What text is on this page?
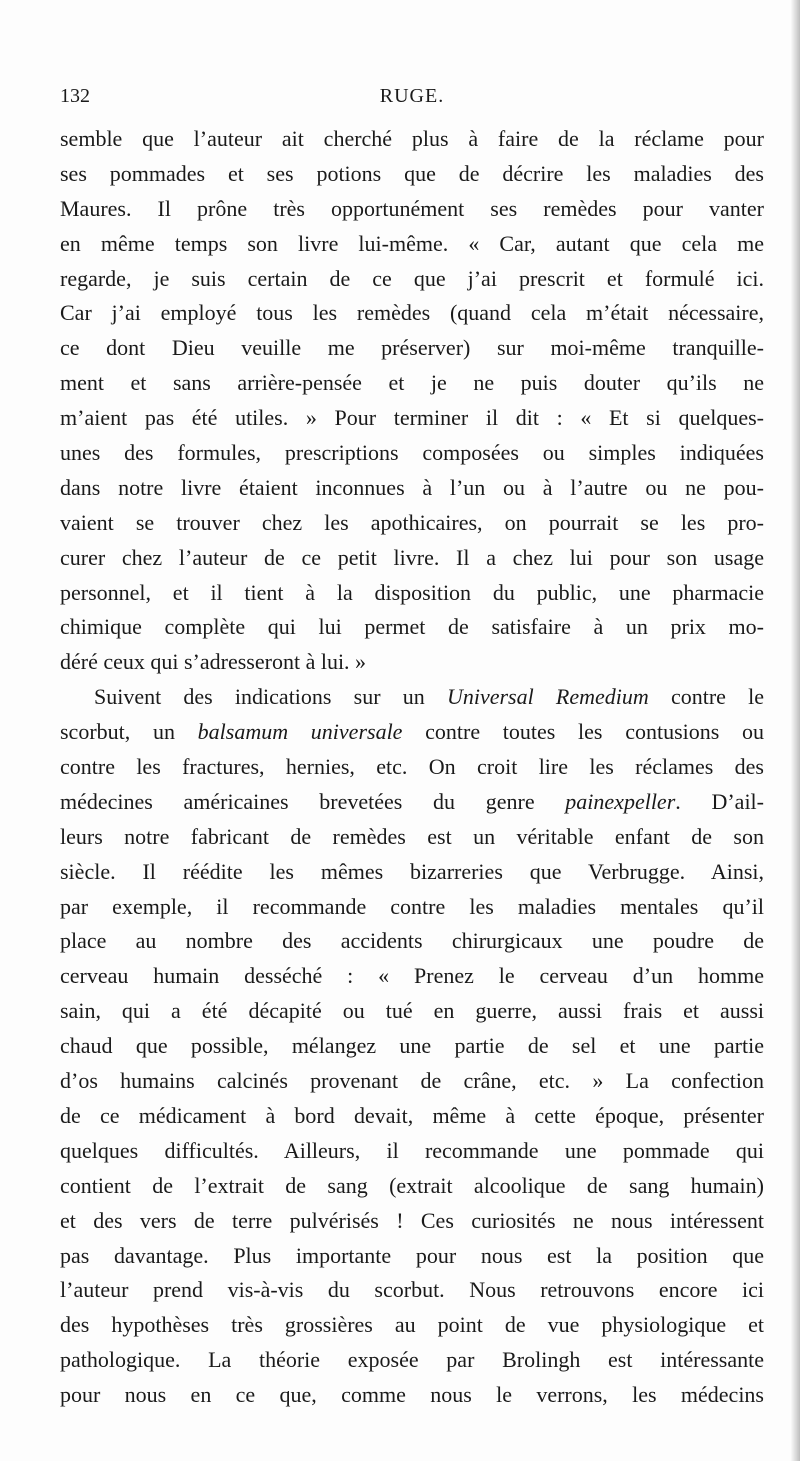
132	RUGE.
semble que l’auteur ait cherché plus à faire de la réclame pour
ses pommades et ses potions que de décrire les maladies des
Maures. Il prône très opportunément ses remèdes pour vanter
en même temps son livre lui-même. « Car, autant que cela me
regarde, je suis certain de ce que j’ai prescrit et formulé ici.
Car j’ai employé tous les remèdes (quand cela m’était nécessaire,
ce dont Dieu veuille me préserver) sur moi-même tranquille-
ment et sans arrière-pensée et je ne puis douter qu’ils ne
m’aient pas été utiles. » Pour terminer il dit : « Et si quelques-
unes des formules, prescriptions composées ou simples indiquées
dans notre livre étaient inconnues à l’un ou à l’autre ou ne pou-
vaient se trouver chez les apothicaires, on pourrait se les pro-
curer chez l’auteur de ce petit livre. Il a chez lui pour son usage
personnel, et il tient à la disposition du public, une pharmacie
chimique complète qui lui permet de satisfaire à un prix mo-
déré ceux qui s’adresseront à lui. »
Suivent des indications sur un Universal Remedium contre le
scorbut, un balsamum universale contre toutes les contusions ou
contre les fractures, hernies, etc. On croit lire les réclames des
médecines américaines brevetées du genre painexpeller. D’ail-
leurs notre fabricant de remèdes est un véritable enfant de son
siècle. Il réédite les mêmes bizarreries que Verbrugge. Ainsi,
par exemple, il recommande contre les maladies mentales qu’il
place au nombre des accidents chirurgicaux une poudre de
cerveau humain desséché : « Prenez le cerveau d’un homme
sain, qui a été décapité ou tué en guerre, aussi frais et aussi
chaud que possible, mélangez une partie de sel et une partie
d’os humains calcinés provenant de crâne, etc. » La confection
de ce médicament à bord devait, même à cette époque, présenter
quelques difficultés. Ailleurs, il recommande une pommade qui
contient de l’extrait de sang (extrait alcoolique de sang humain)
et des vers de terre pulvérisés ! Ces curiosités ne nous intéressent
pas davantage. Plus importante pour nous est la position que
l’auteur prend vis-à-vis du scorbut. Nous retrouvons encore ici
des hypothèses très grossières au point de vue physiologique et
pathologique. La théorie exposée par Brolingh est intéressante
pour nous en ce que, comme nous le verrons, les médecins
